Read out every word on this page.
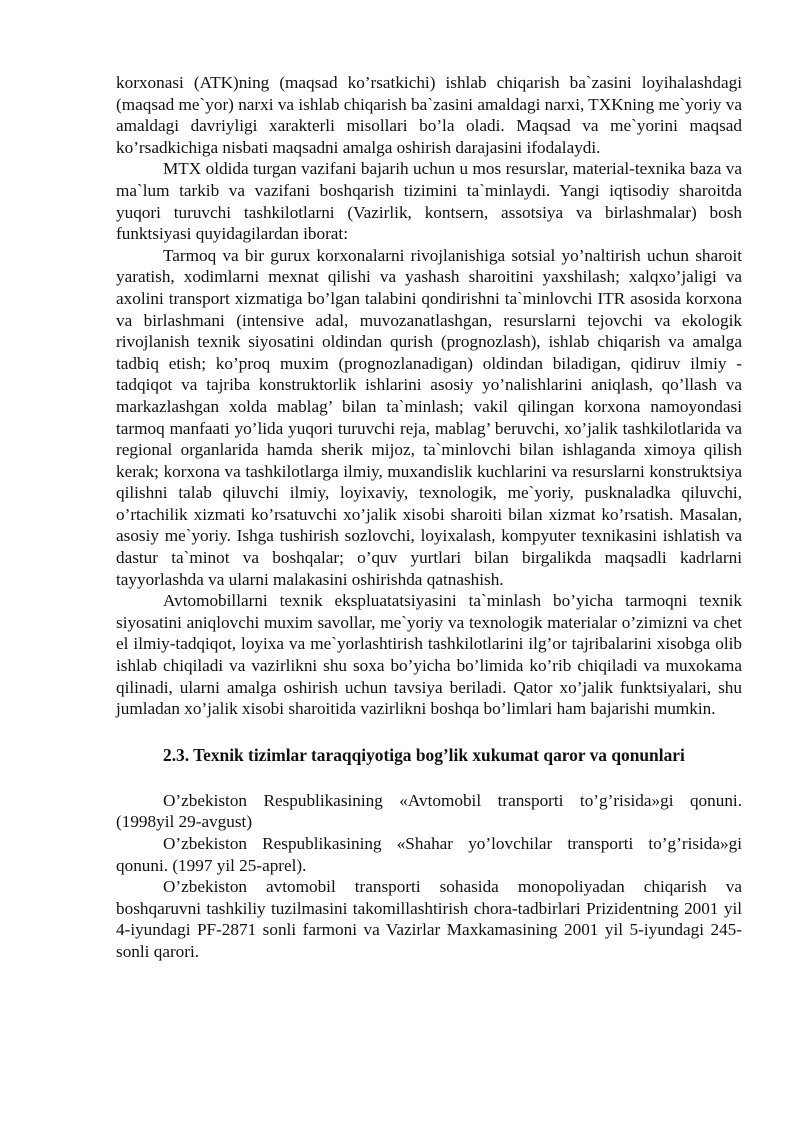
korxonasi (ATK)ning (maqsad ko’rsatkichi) ishlab chiqarish ba`zasini loyihalashdagi (maqsad me`yor) narxi va ishlab chiqarish ba`zasini amaldagi narxi, TXKning me`yoriy va amaldagi davriyligi xarakterli misollari bo’la oladi. Maqsad va me`yorini maqsad ko’rsadkichiga nisbati maqsadni amalga oshirish darajasini ifodalaydi.

MTX oldida turgan vazifani bajarih uchun u mos resurslar, material-texnika baza va ma`lum tarkib va vazifani boshqarish tizimini ta`minlaydi. Yangi iqtisodiy sharoitda yuqori turuvchi tashkilotlarni (Vazirlik, kontsern, assotsiya va birlashmalar) bosh funktsiyasi quyidagilardan iborat:

Tarmoq va bir gurux korxonalarni rivojlanishiga sotsial yo’naltirish uchun sharoit yaratish, xodimlarni mexnat qilishi va yashash sharoitini yaxshilash; xalqxo’jaligi va axolini transport xizmatiga bo’lgan talabini qondirishni ta`minlovchi ITR asosida korxona va birlashmani (intensive adal, muvozanatlashgan, resurslarni tejovchi va ekologik rivojlanish texnik siyosatini oldindan qurish (prognozlash), ishlab chiqarish va amalga tadbiq etish; ko’proq muxim (prognozlanadigan) oldindan biladigan, qidiruv ilmiy - tadqiqot va tajriba konstruktorlik ishlarini asosiy yo’nalishlarini aniqlash, qo’llash va markazlashgan xolda mablag’ bilan ta`minlash; vakil qilingan korxona namoyondasi tarmoq manfaati yo’lida yuqori turuvchi reja, mablag’ beruvchi, xo’jalik tashkilotlarida va regional organlarida hamda sherik mijoz, ta`minlovchi bilan ishlaganda ximoya qilish kerak; korxona va tashkilotlarga ilmiy, muxandislik kuchlarini va resurslarni konstruktsiya qilishni talab qiluvchi ilmiy, loyixaviy, texnologik, me`yoriy, pusknaladka qiluvchi, o’rtachilik xizmati ko’rsatuvchi xo’jalik xisobi sharoiti bilan xizmat ko’rsatish. Masalan, asosiy me`yoriy. Ishga tushirish sozlovchi, loyixalash, kompyuter texnikasini ishlatish va dastur ta`minot va boshqalar; o’quv yurtlari bilan birgalikda maqsadli kadrlarni tayyorlashda va ularni malakasini oshirishda qatnashish.

Avtomobillarni texnik ekspluatatsiyasini ta`minlash bo’yicha tarmoqni texnik siyosatini aniqlovchi muxim savollar, me`yoriy va texnologik materialar o’zimizni va chet el ilmiy-tadqiqot, loyixa va me`yorlashtirish tashkilotlarini ilg’or tajribalarini xisobga olib ishlab chiqiladi va vazirlikni shu soxa bo’yicha bo’limida ko’rib chiqiladi va muxokama qilinadi, ularni amalga oshirish uchun tavsiya beriladi. Qator xo’jalik funktsiyalari, shu jumladan xo’jalik xisobi sharoitida vazirlikni boshqa bo’limlari ham bajarishi mumkin.

2.3. Texnik tizimlar taraqqiyotiga bog’lik xukumat qaror va qonunlari

O’zbekiston Respublikasining «Avtomobil transporti to’g’risida»gi qonuni. (1998yil 29-avgust)

O’zbekiston Respublikasining «Shahar yo’lovchilar transporti to’g’risida»gi qonuni. (1997 yil 25-aprel).

O’zbekiston avtomobil transporti sohasida monopoliyadan chiqarish va boshqaruvni tashkiliy tuzilmasini takomillashtirish chora-tadbirlari Prizidentning 2001 yil 4-iyundagi PF-2871 sonli farmoni va Vazirlar Maxkamasining 2001 yil 5-iyundagi 245-sonli qarori.
